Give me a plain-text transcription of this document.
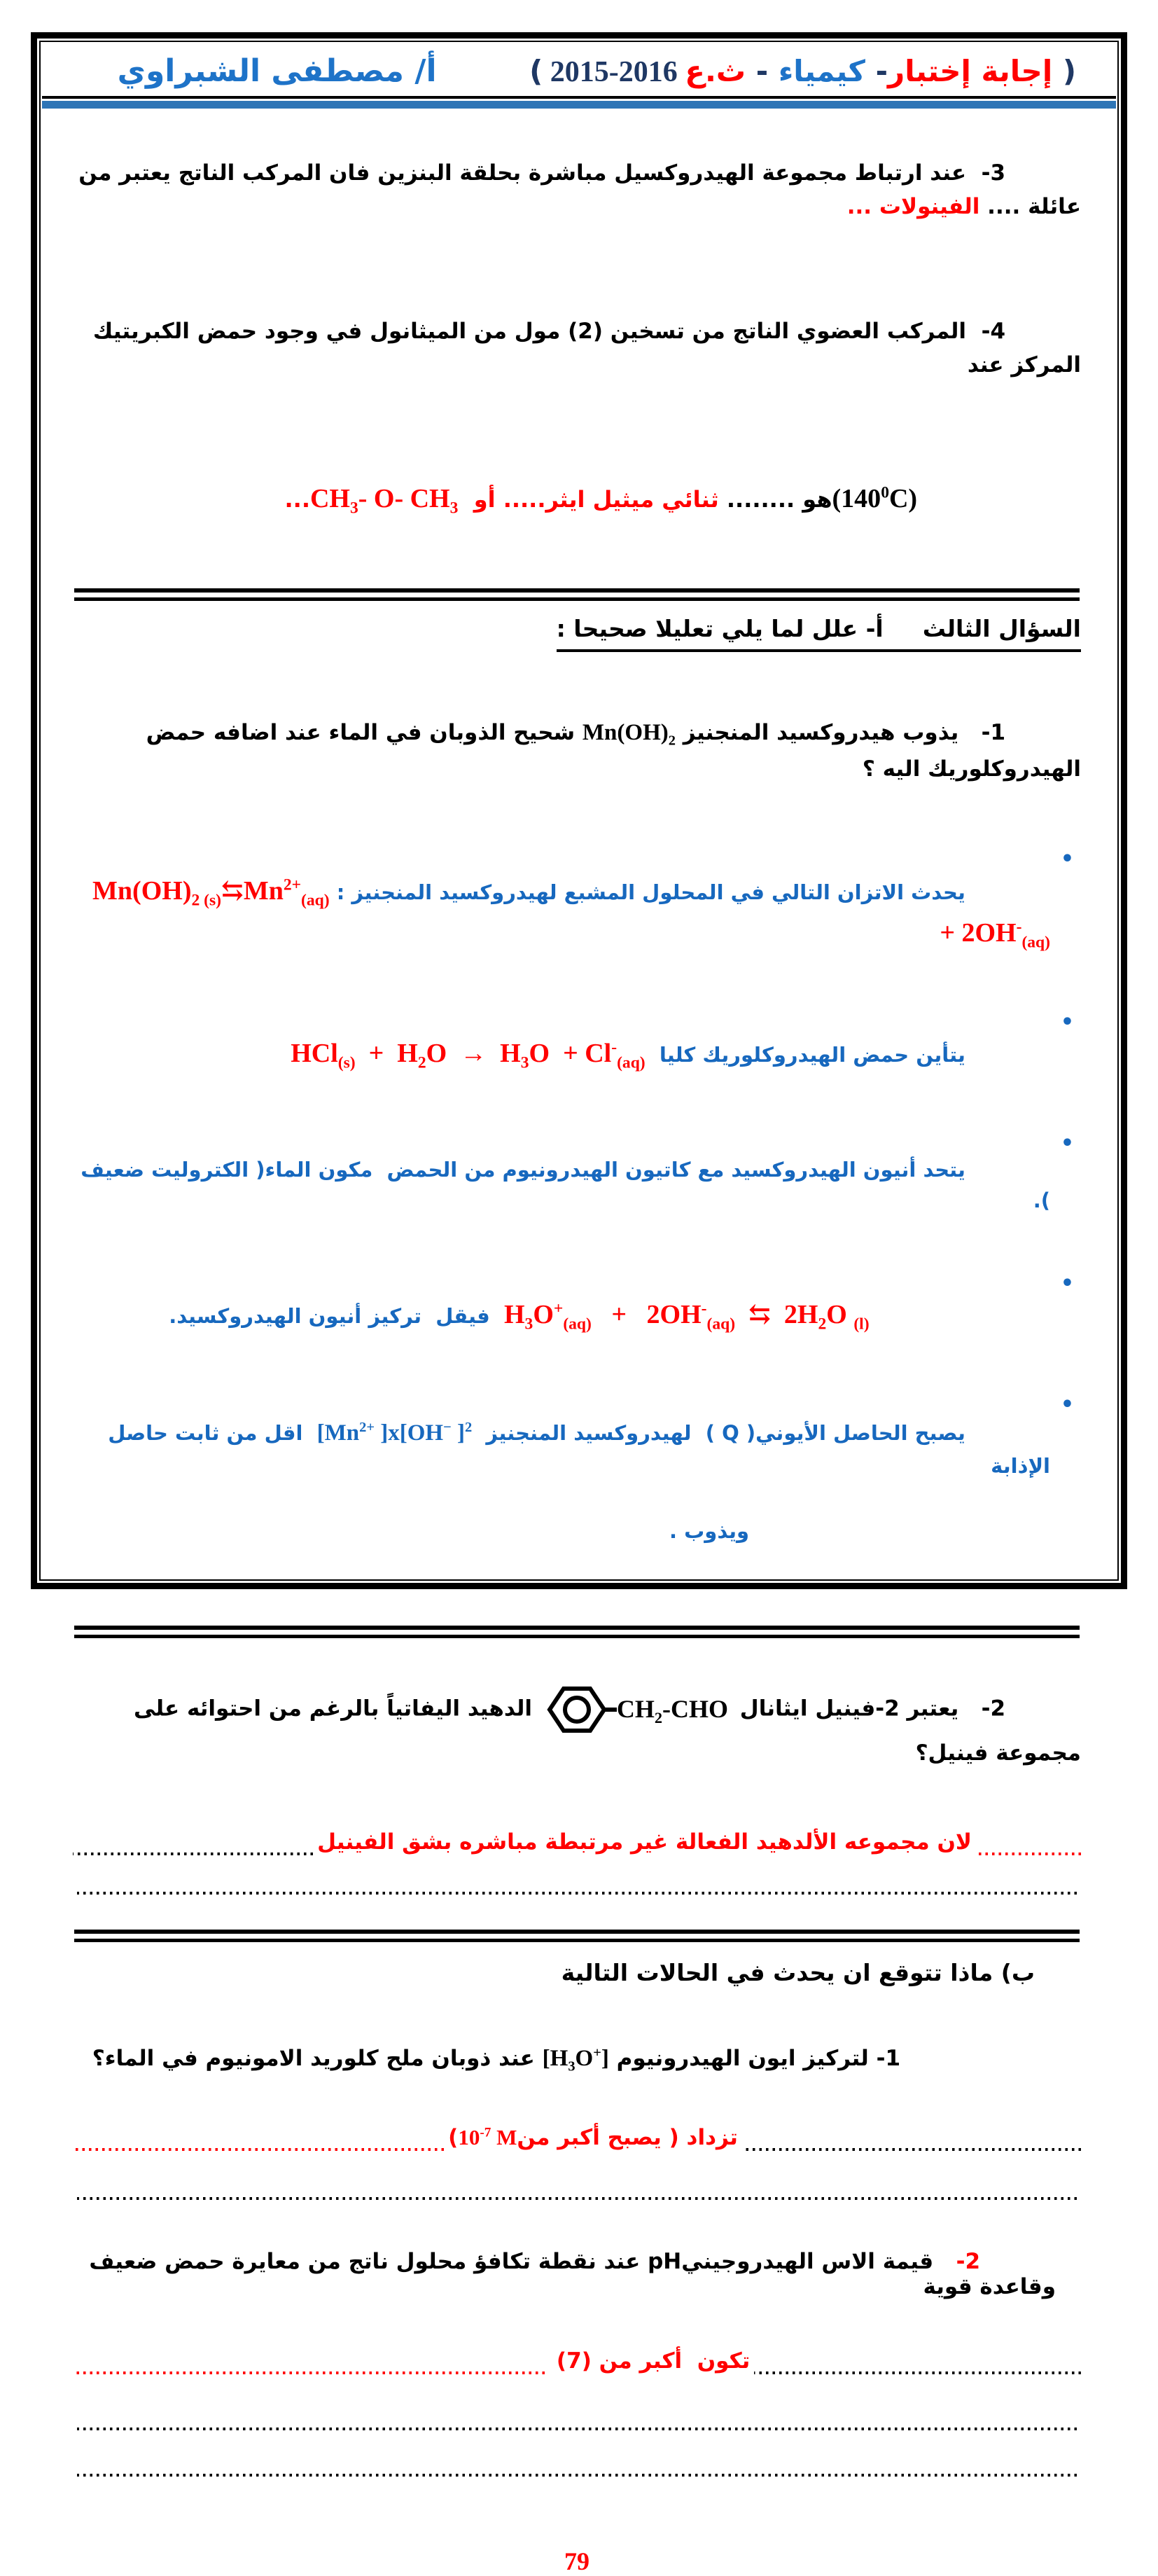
( إجابة إختبار- كيمياء - ث.ع 2015-2016 )
أ/ مصطفى الشبراوي

3-  عند ارتباط مجموعة الهيدروكسيل مباشرة بحلقة البنزين فان المركب الناتج يعتبر من عائلة .... الفينولات ...

4-  المركب العضوي الناتج من تسخين (2) مول من الميثانول في وجود حمض الكبريتيك المركز عند

$(140^0C)هو$ ........ ثنائي ميثيل ايثر..... أو  $CH_3-$ O- $CH_3$...

السؤال الثالثأ- علل لما يلي تعليلا صحيحا :

1-   يذوب هيدروكسيد المنجنيز $Mn(OH)_2$ شحيح الذوبان في الماء عند اضافه حمض الهيدروكلوريك اليه ؟

• يحدث الاتزان التالي في المحلول المشبع لهيدروكسيد المنجنيز : $Mn(OH)_{2 (s)}⇆Mn^{2+}_{(aq)} + 2OH^-_{(aq)}$

• يتأين حمض الهيدروكلوريك كليا  $HCl_{(s)} + H_2O \to H_3O + Cl^-_{(aq)}$

• يتحد أنيون الهيدروكسيد مع كاتيون الهيدرونيوم من الحمض  مكون الماء( الكتروليت ضعيف ).

• $H_3O^+_{(aq)} + 2OH^-_{(aq)}$  ⇆  $2H_2O$ $_{(l)}$  فيقل  تركيز أنيون الهيدروكسيد.

• يصبح الحاصل الأيوني( Q )  لهيدروكسيد المنجنيز  [$Mn^{2+}$ ]x[OH− ]$^2$  اقل من ثابت حاصل الإذابة

ويذوب .

2-   يعتبر 2-فينيل ايثانال
$CH_2$-CHO
الدهيد اليفاتياً بالرغم من احتوائه على مجموعة فينيل؟

لان مجموعه الألدهيد الفعالة غير مرتبطة مباشره بشق الفينيل
ب) ماذا تتوقع ان يحدث في الحالات التالية

1- لتركيز ايون الهيدرونيوم $[H_3O^+]$ عند ذوبان ملح كلوريد الامونيوم في الماء؟

تزداد ( يصبح أكبر $من10^{-7}$ M)

2-   قيمة الاس الهيدروجينيpH عند نقطة تكافؤ محلول ناتج من معايرة حمض ضعيف وقاعدة قوية

تكون  أكبر من (7)
79
